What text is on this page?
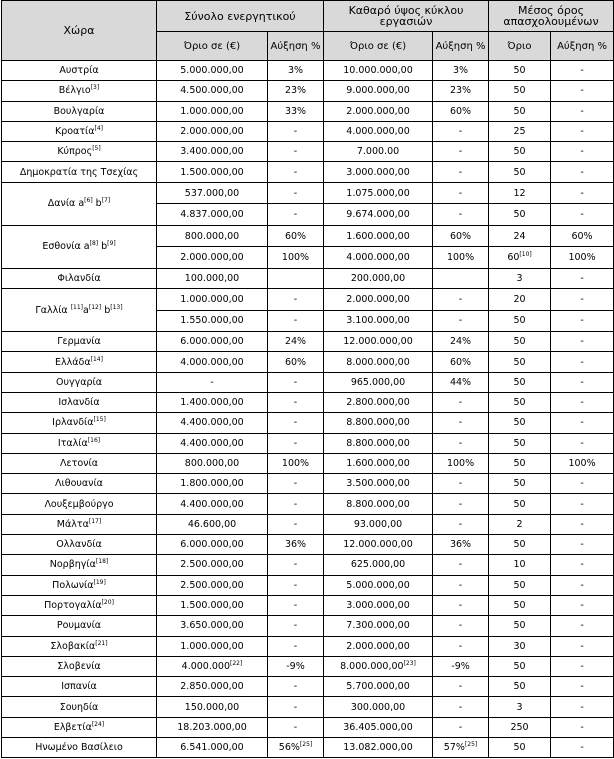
Χώρα	Σύνολο ενεργητικού		Καθαρό ύψος κύκλου εργασιών		Μέσος όρος απασχολουμένων	
	Όριο σε (€)	Αύξηση %	Όριο σε (€)	Αύξηση %	Όριο	Αύξηση %
Αυστρία	5.000.000,00	3%	10.000.000,00	3%	50	-
Βέλγιο[3]	4.500.000,00	23%	9.000.000,00	23%	50	-
Βουλγαρία	1.000.000,00	33%	2.000.000,00	60%	50	-
Κροατία[4]	2.000.000,00	-	4.000.000,00	-	25	-
Κύπρος[5]	3.400.000,00	-	7.000.00	-	50	-
Δημοκρατία της Τσεχίας	1.500.000,00	-	3.000.000,00	-	50	-
Δανία a[6] b[7]	537.000,00	-	1.075.000,00	-	12	-
	4.837.000,00	-	9.674.000,00	-	50	-
Εσθονία a[8] b[9]	800.000,00	60%	1.600.000,00	60%	24	60%
	2.000.000,00	100%	4.000.000,00	100%	60[10]	100%
Φιλανδία	100.000,00		200.000,00		3	-
Γαλλία [11]a[12] b[13]	1.000.000,00	-	2.000.000,00	-	20	-
	1.550.000,00	-	3.100.000,00	-	50	-
Γερμανία	6.000.000,00	24%	12.000.000,00	24%	50	-
Ελλάδα[14]	4.000.000,00	60%	8.000.000,00	60%	50	-
Ουγγαρία	-	-	965.000,00	44%	50	-
Ισλανδία	1.400.000,00	-	2.800.000,00	-	50	-
Ιρλανδία[15]	4.400.000,00	-	8.800.000,00	-	50	-
Ιταλία[16]	4.400.000,00	-	8.800.000,00	-	50	-
Λετονία	800.000,00	100%	1.600.000,00	100%	50	100%
Λιθουανία	1.800.000,00	-	3.500.000,00	-	50	-
Λουξεμβούργο	4.400.000,00	-	8.800.000,00	-	50	-
Μάλτα[17]	46.600,00	-	93.000,00	-	2	-
Ολλανδία	6.000.000,00	36%	12.000.000,00	36%	50	-
Νορβηγία[18]	2.500.000,00	-	625.000,00	-	10	-
Πολωνία[19]	2.500.000,00	-	5.000.000,00	-	50	-
Πορτογαλία[20]	1.500.000,00	-	3.000.000,00	-	50	-
Ρουμανία	3.650.000,00	-	7.300.000,00	-	50	-
Σλοβακία[21]	1.000.000,00	-	2.000.000,00	-	30	-
Σλοβενία	4.000.000[22]	-9%	8.000.000,00[23]	-9%	50	-
Ισπανία	2.850.000,00	-	5.700.000,00	-	50	-
Σουηδία	150.000,00	-	300.000,00	-	3	-
Ελβετία[24]	18.203.000,00	-	36.405.000,00	-	250	-
Ηνωμένο Βασίλειο	6.541.000,00	56%[25]	13.082.000,00	57%[25]	50	-
